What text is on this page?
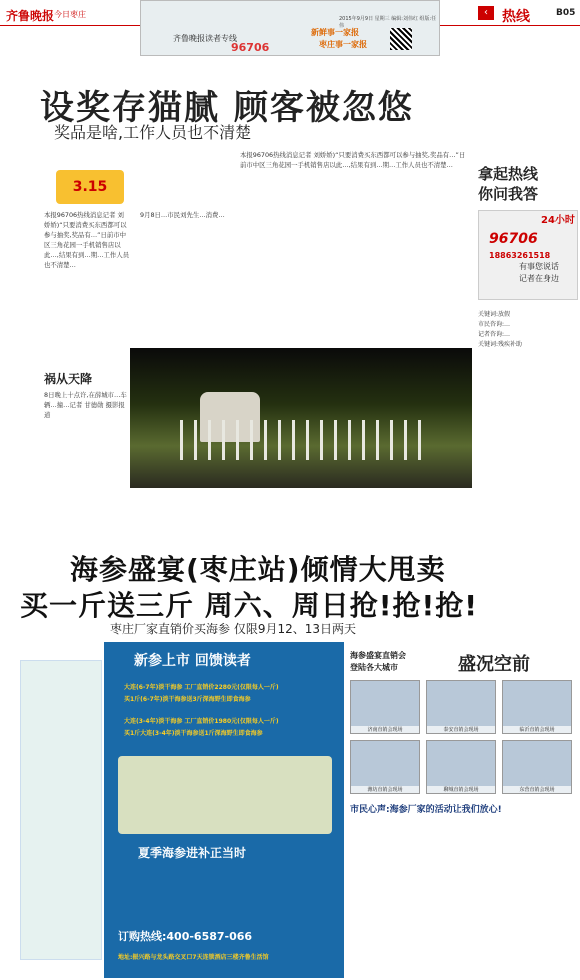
齐鲁晚报 今日枣庄
齐鲁晚报读者专线
96706
新鲜事一家报
枣庄事一家报
2015年9月9日 星期三 编辑:刘伟红 组版:任伟
‹	热线	B05
设奖存猫腻 顾客被忽悠
奖品是啥,工作人员也不清楚
拿起热线
你问我答
24小时
96706
18863261518
有事您说话
记者在身边
3.15
本报96706热线消息记者 刘娇娇)“只要消费买东西都可以参与抽奖,奖品有…”日前市中区三角花园一手机销售店以此…,结果有到…期…工作人员也不清楚…
9月8日…市民刘先生…消费…
本报96706热线消息记者 刘娇娇)“只要消费买东西都可以参与抽奖,奖品有…”日前市中区三角花园一手机销售店以此…,结果有到…期…工作人员也不清楚…
祸从天降
8日晚上十点许,在薛城市…车辆…撞…记者 甘德勋 摄影报道
关键词:放假
市民咨询:…
记者咨询:…
关键词:残疾补助
海参盛宴(枣庄站)倾情大甩卖
买一斤送三斤 周六、周日抢!抢!抢!
枣庄厂家直销价买海参 仅限9月12、13日两天
新参上市 回馈读者
大连(6-7年)淡干海参 工厂直销价2280元(仅限每人一斤)
买1斤(6-7年)淡干海参送3斤深海野生即食海参
大连(3-4年)淡干海参 工厂直销价1980元(仅限每人一斤)
买1斤大连(3-4年)淡干海参送1斤深海野生即食海参
夏季海参进补正当时
订购热线:400-6587-066
地址:振兴路与龙头路交叉口7天连锁酒店三楼齐鲁生活馆
海参盛宴直销会
登陆各大城市	盛况空前
济南直销会现场	泰安直销会现场	临沂直销会现场
潍坊直销会现场	聊城直销会现场	东营直销会现场
市民心声:海参厂家的活动让我们放心!
